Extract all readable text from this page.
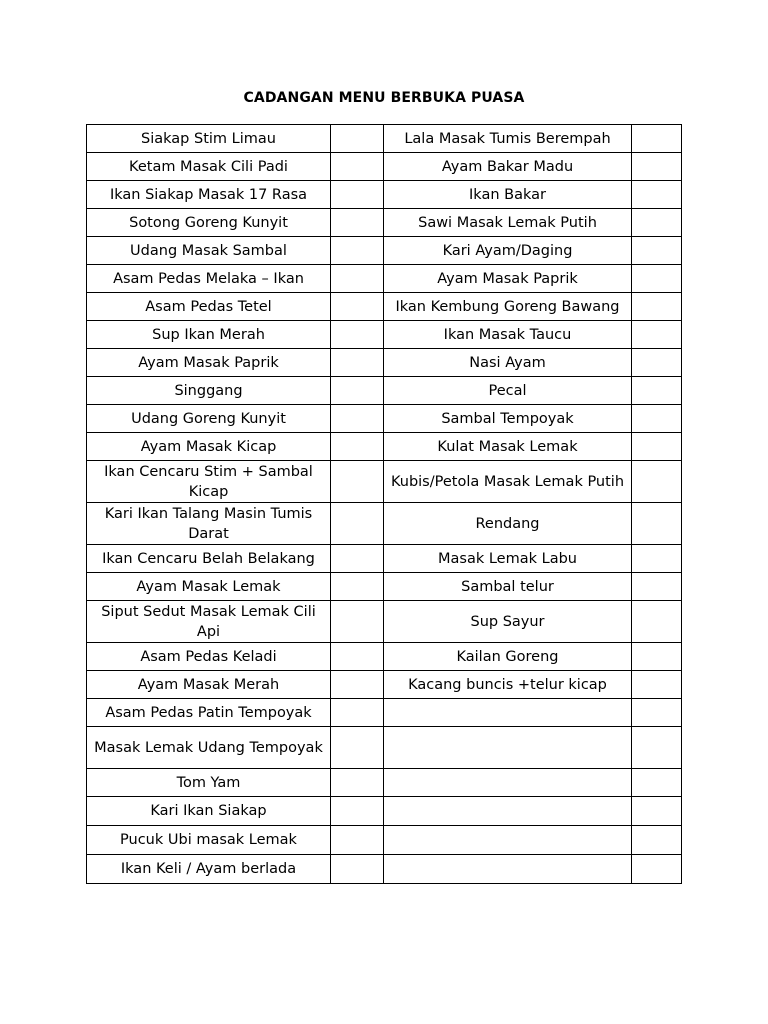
CADANGAN MENU BERBUKA PUASA
Siakap Stim Limau		Lala Masak Tumis Berempah	
Ketam Masak Cili Padi		Ayam Bakar Madu	
Ikan Siakap Masak 17 Rasa		Ikan Bakar	
Sotong Goreng Kunyit		Sawi Masak Lemak Putih	
Udang Masak Sambal		Kari Ayam/Daging	
Asam Pedas Melaka – Ikan		Ayam Masak Paprik	
Asam Pedas Tetel		Ikan Kembung Goreng Bawang	
Sup Ikan Merah		Ikan Masak Taucu	
Ayam Masak Paprik		Nasi Ayam	
Singgang		Pecal	
Udang Goreng Kunyit		Sambal Tempoyak	
Ayam Masak Kicap		Kulat Masak Lemak	
Ikan Cencaru Stim + Sambal Kicap		Kubis/Petola Masak Lemak Putih	
Kari Ikan Talang Masin Tumis Darat		Rendang	
Ikan Cencaru Belah Belakang		Masak Lemak Labu	
Ayam Masak Lemak		Sambal telur	
Siput Sedut Masak Lemak Cili Api		Sup Sayur	
Asam Pedas Keladi		Kailan Goreng	
Ayam Masak Merah		Kacang buncis +telur kicap	
Asam Pedas Patin Tempoyak			
Masak Lemak Udang Tempoyak			
Tom Yam			
Kari Ikan Siakap			
Pucuk Ubi masak Lemak			
Ikan Keli / Ayam berlada			
